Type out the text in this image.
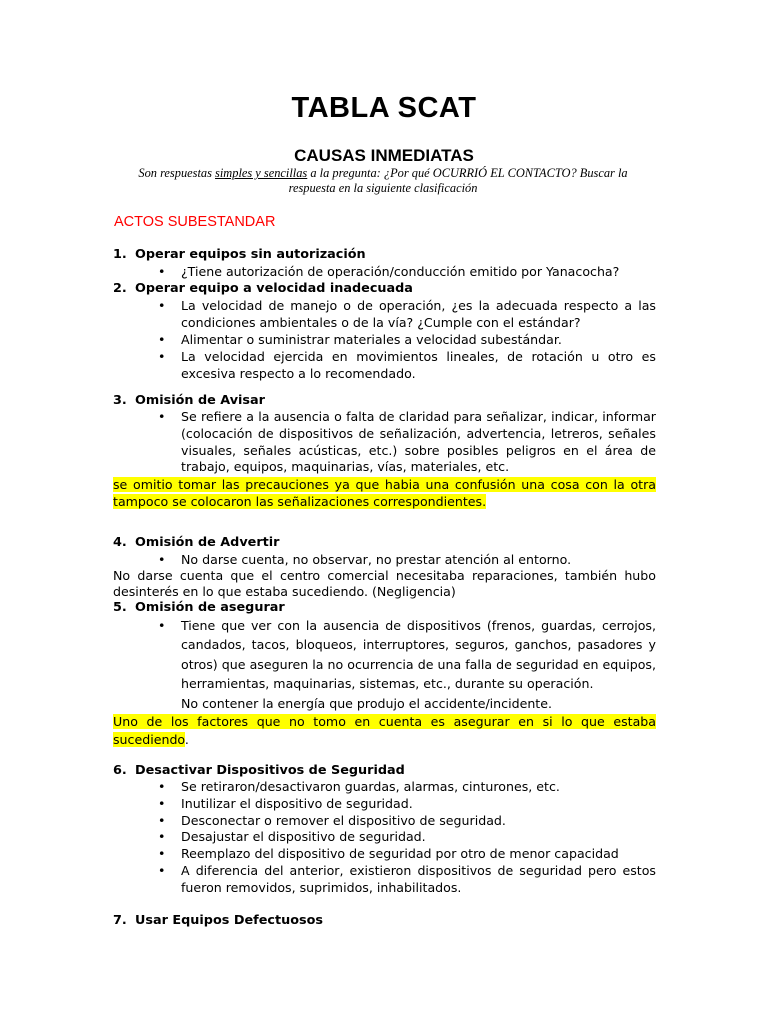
TABLA SCAT
CAUSAS INMEDIATAS
Son respuestas simples y sencillas a la pregunta: ¿Por qué OCURRIÓ EL CONTACTO? Buscar la respuesta en la siguiente clasificación
ACTOS SUBESTANDAR
1. Operar equipos sin autorización
• ¿Tiene autorización de operación/conducción emitido por Yanacocha?
2. Operar equipo a velocidad inadecuada
• La velocidad de manejo o de operación, ¿es la adecuada respecto a las condiciones ambientales o de la vía? ¿Cumple con el estándar?
• Alimentar o suministrar materiales a velocidad subestándar.
• La velocidad ejercida en movimientos lineales, de rotación u otro es excesiva respecto a lo recomendado.
3. Omisión de Avisar
• Se refiere a la ausencia o falta de claridad para señalizar, indicar, informar (colocación de dispositivos de señalización, advertencia, letreros, señales visuales, señales acústicas, etc.) sobre posibles peligros en el área de trabajo, equipos, maquinarias, vías, materiales, etc.
se omitio tomar las precauciones ya que habia una confusión una cosa con la otra tampoco se colocaron las señalizaciones correspondientes.
4. Omisión de Advertir
• No darse cuenta, no observar, no prestar atención al entorno.
No darse cuenta que el centro comercial necesitaba reparaciones, también hubo desinterés en lo que estaba sucediendo. (Negligencia)
5. Omisión de asegurar
• Tiene que ver con la ausencia de dispositivos (frenos, guardas, cerrojos, candados, tacos, bloqueos, interruptores, seguros, ganchos, pasadores y otros) que aseguren la no ocurrencia de una falla de seguridad en equipos, herramientas, maquinarias, sistemas, etc., durante su operación.
No contener la energía que produjo el accidente/incidente.
Uno de los factores que no tomo en cuenta es asegurar en si lo que estaba sucediendo.
6. Desactivar Dispositivos de Seguridad
• Se retiraron/desactivaron guardas, alarmas, cinturones, etc.
• Inutilizar el dispositivo de seguridad.
• Desconectar o remover el dispositivo de seguridad.
• Desajustar el dispositivo de seguridad.
• Reemplazo del dispositivo de seguridad por otro de menor capacidad
• A diferencia del anterior, existieron dispositivos de seguridad pero estos fueron removidos, suprimidos, inhabilitados.
7. Usar Equipos Defectuosos
